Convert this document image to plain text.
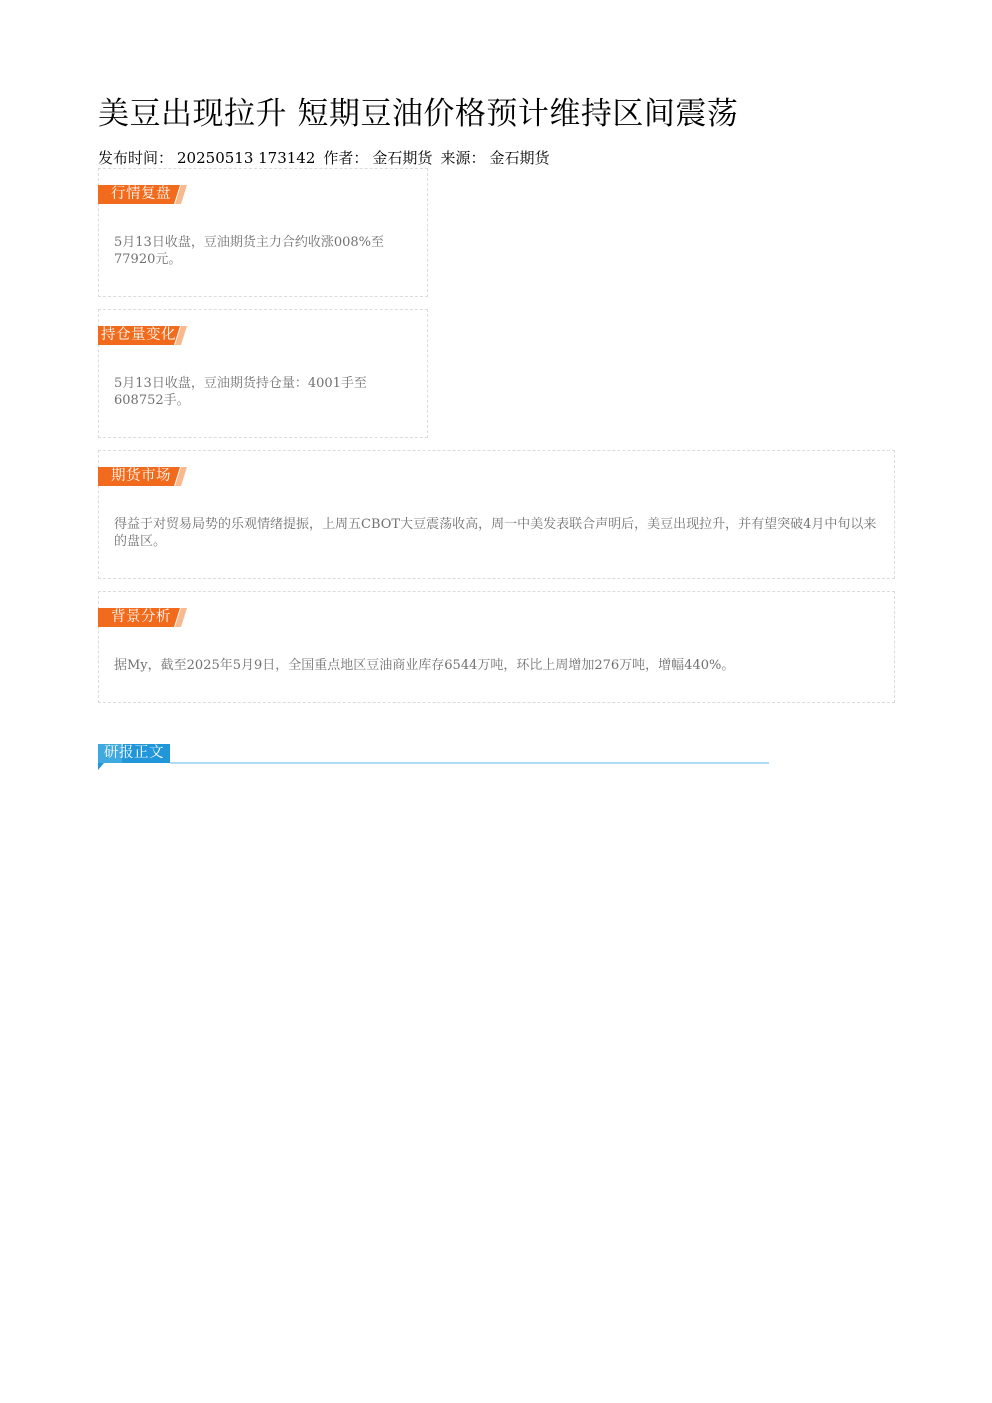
美豆出现拉升 短期豆油价格预计维持区间震荡
发布时间： 20250513 173142 作者： 金石期货 来源： 金石期货
行情复盘
5月13日收盘，豆油期货主力合约收涨008%至77920元。
持仓量变化
5月13日收盘，豆油期货持仓量：4001手至608752手。
期货市场
得益于对贸易局势的乐观情绪提振，上周五CBOT大豆震荡收高，周一中美发表联合声明后，美豆出现拉升，并有望突破4月中旬以来的盘区。
背景分析
据My，截至2025年5月9日，全国重点地区豆油商业库存6544万吨，环比上周增加276万吨，增幅440%。
研报正文
